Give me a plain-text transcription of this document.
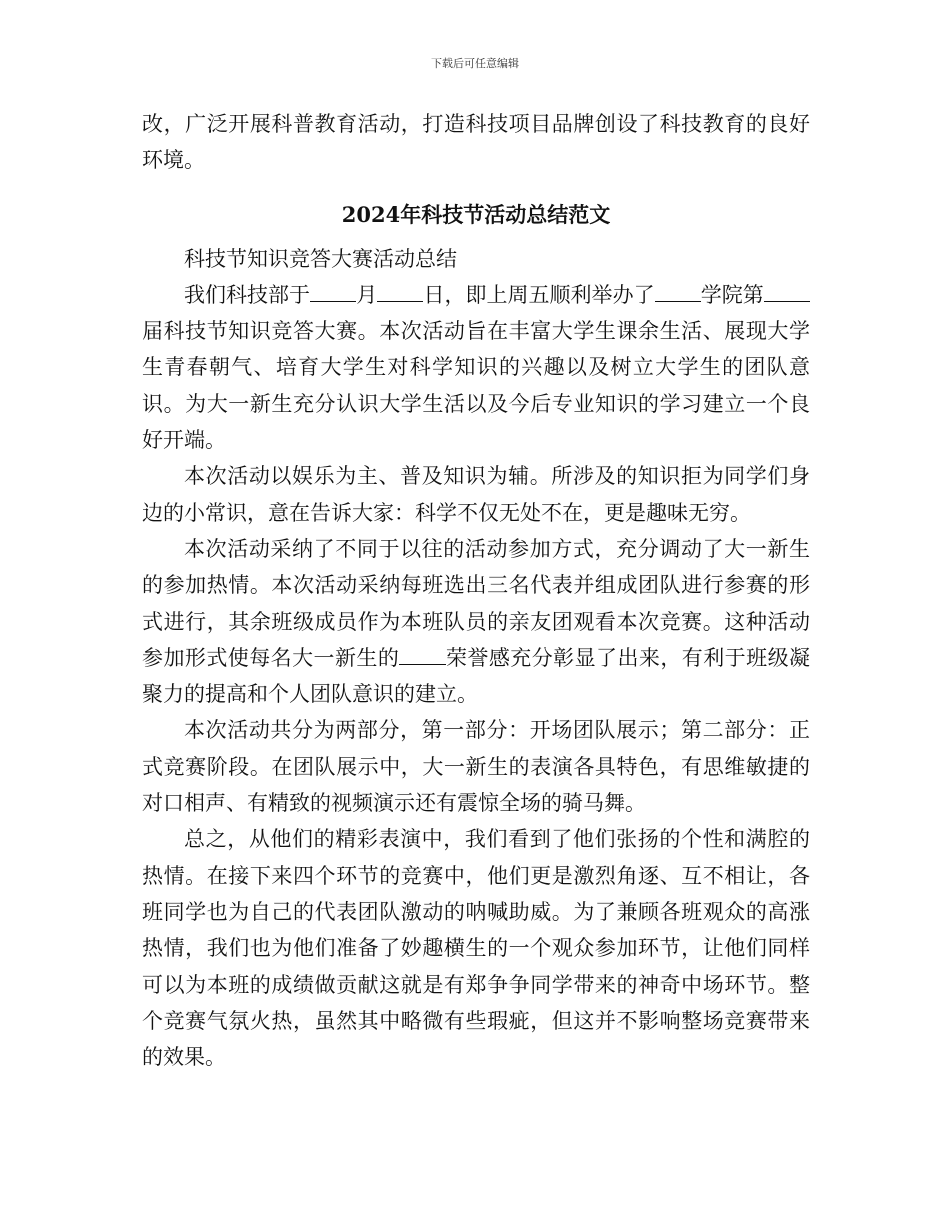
下载后可任意编辑

改，广泛开展科普教育活动，打造科技项目品牌创设了科技教育的良好环境。

2024年科技节活动总结范文

科技节知识竞答大赛活动总结

我们科技部于 月 日，即上周五顺利举办了 学院第届科技节知识竞答大赛。本次活动旨在丰富大学生课余生活、展现大学生青春朝气、培育大学生对科学知识的兴趣以及树立大学生的团队意识。为大一新生充分认识大学生活以及今后专业知识的学习建立一个良好开端。

本次活动以娱乐为主、普及知识为辅。所涉及的知识拒为同学们身边的小常识，意在告诉大家：科学不仅无处不在，更是趣味无穷。

本次活动采纳了不同于以往的活动参加方式，充分调动了大一新生的参加热情。本次活动采纳每班选出三名代表并组成团队进行参赛的形式进行，其余班级成员作为本班队员的亲友团观看本次竞赛。这种活动参加形式使每名大一新生的 荣誉感充分彰显了出来，有利于班级凝聚力的提高和个人团队意识的建立。

本次活动共分为两部分，第一部分：开场团队展示；第二部分：正式竞赛阶段。在团队展示中，大一新生的表演各具特色，有思维敏捷的对口相声、有精致的视频演示还有震惊全场的骑马舞。

总之，从他们的精彩表演中，我们看到了他们张扬的个性和满腔的热情。在接下来四个环节的竞赛中，他们更是激烈角逐、互不相让，各班同学也为自己的代表团队激动的呐喊助威。为了兼顾各班观众的高涨热情，我们也为他们准备了妙趣横生的一个观众参加环节，让他们同样可以为本班的成绩做贡献这就是有郑争争同学带来的神奇中场环节。整个竞赛气氛火热，虽然其中略微有些瑕疵，但这并不影响整场竞赛带来的效果。
